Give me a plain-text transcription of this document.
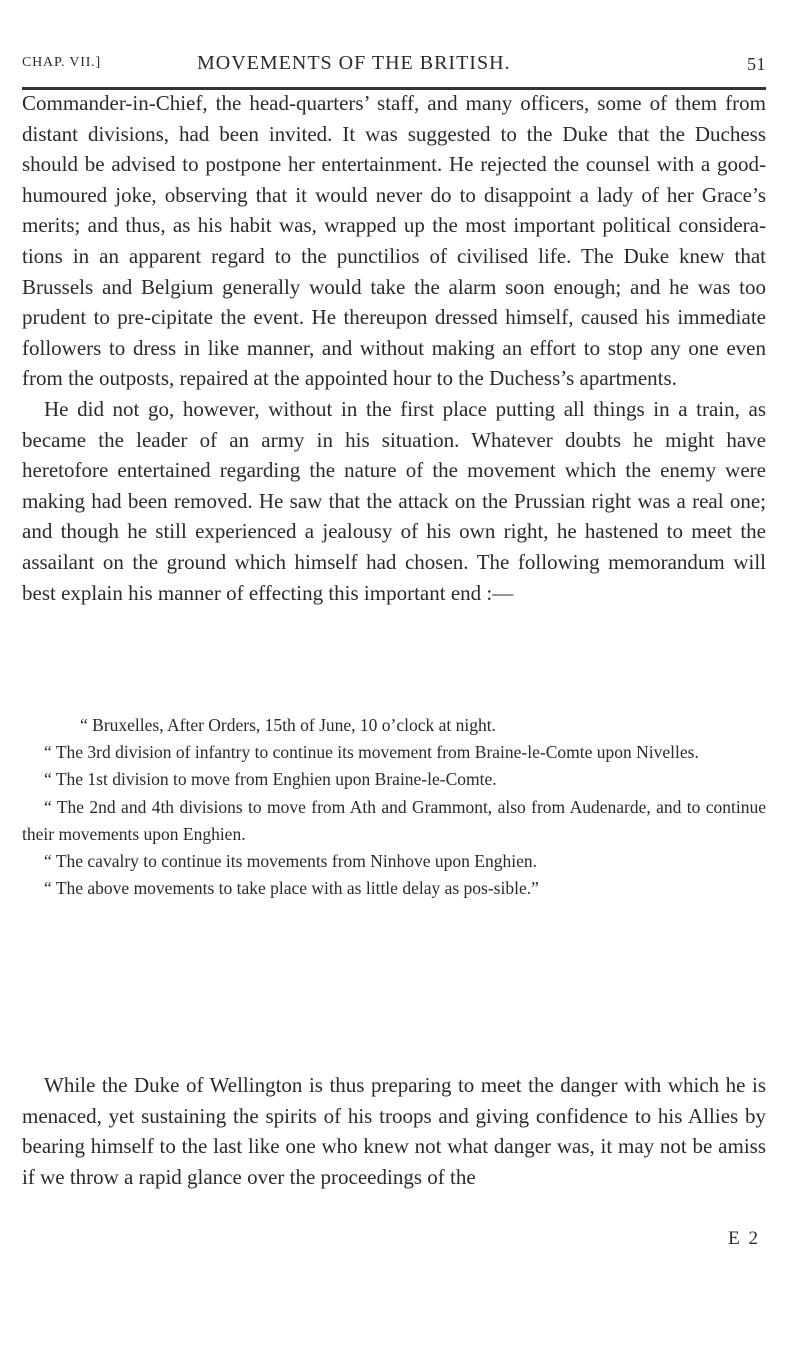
CHAP. VII.]	MOVEMENTS OF THE BRITISH.	51

Commander-in-Chief, the head-quarters’ staff, and many officers, some of them from distant divisions, had been invited. It was suggested to the Duke that the Duchess should be advised to postpone her entertainment. He rejected the counsel with a good-humoured joke, observing that it would never do to disappoint a lady of her Grace’s merits; and thus, as his habit was, wrapped up the most important political considera-tions in an apparent regard to the punctilios of civilised life. The Duke knew that Brussels and Belgium generally would take the alarm soon enough; and he was too prudent to pre-cipitate the event. He thereupon dressed himself, caused his immediate followers to dress in like manner, and without making an effort to stop any one even from the outposts, repaired at the appointed hour to the Duchess’s apartments.

He did not go, however, without in the first place putting all things in a train, as became the leader of an army in his situation. Whatever doubts he might have heretofore entertained regarding the nature of the movement which the enemy were making had been removed. He saw that the attack on the Prussian right was a real one; and though he still experienced a jealousy of his own right, he hastened to meet the assailant on the ground which himself had chosen. The following memorandum will best explain his manner of effecting this important end :—

“ Bruxelles, After Orders, 15th of June, 10 o’clock at night.

“ The 3rd division of infantry to continue its movement from Braine-le-Comte upon Nivelles.

“ The 1st division to move from Enghien upon Braine-le-Comte.

“ The 2nd and 4th divisions to move from Ath and Grammont, also from Audenarde, and to continue their movements upon Enghien.

“ The cavalry to continue its movements from Ninhove upon Enghien.

“ The above movements to take place with as little delay as pos-sible.”

While the Duke of Wellington is thus preparing to meet the danger with which he is menaced, yet sustaining the spirits of his troops and giving confidence to his Allies by bearing himself to the last like one who knew not what danger was, it may not be amiss if we throw a rapid glance over the proceedings of the

E 2
